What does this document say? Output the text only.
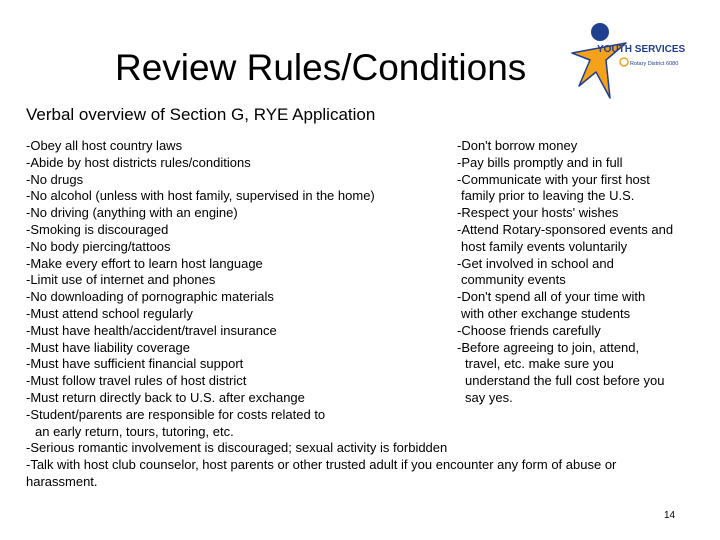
Review Rules/Conditions	YOUTH SERVICES
Rotary District 6080
Verbal overview of Section G, RYE Application
-Obey all host country laws
-Abide by host districts rules/conditions
-No drugs
-No alcohol (unless with host family, supervised in the home)
-No driving (anything with an engine)
-Smoking is discouraged
-No body piercing/tattoos
-Make every effort to learn host language
-Limit use of internet and phones
-No downloading of pornographic materials
-Must attend school regularly
-Must have health/accident/travel insurance
-Must have liability coverage
-Must have sufficient financial support
-Must follow travel rules of host district
-Must return directly back to U.S. after exchange
-Student/parents are responsible for costs related to
an early return, tours, tutoring, etc.
-Don't borrow money
-Pay bills promptly and in full
-Communicate with your first host
family prior to leaving the U.S.
-Respect your hosts' wishes
-Attend Rotary-sponsored events and
host family events voluntarily
-Get involved in school and
community events
-Don't spend all of your time with
with other exchange students
-Choose friends carefully
-Before agreeing to join, attend,
travel, etc. make sure you
understand the full cost before you
say yes.
-Serious romantic involvement is discouraged; sexual activity is forbidden
-Talk with host club counselor, host parents or other trusted adult if you encounter any form of abuse or harassment.
14
